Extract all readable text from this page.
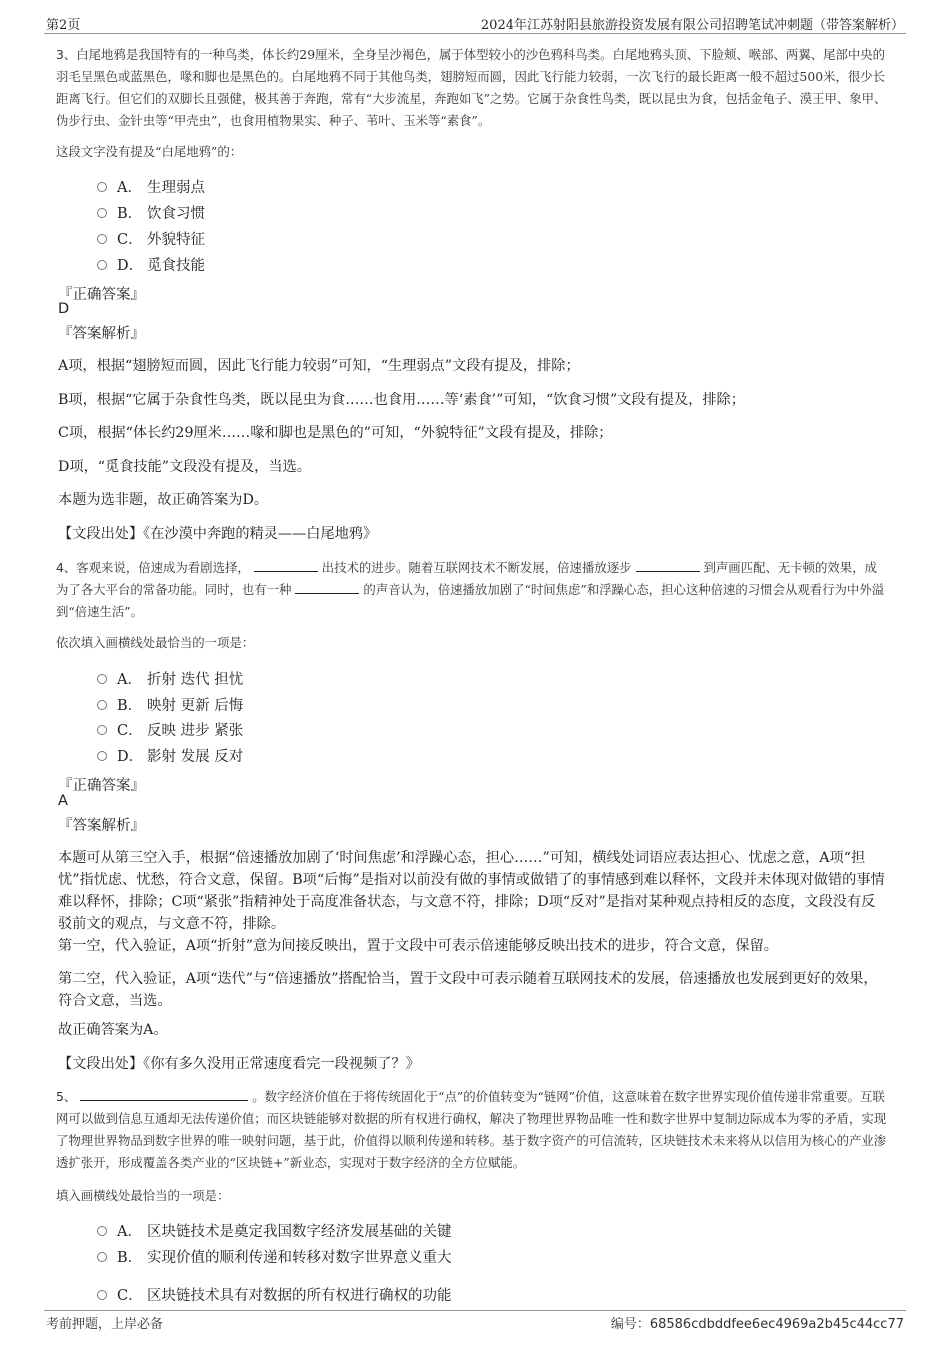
第2页	2024年江苏射阳县旅游投资发展有限公司招聘笔试冲刺题（带答案解析）
3、白尾地鸦是我国特有的一种鸟类，体长约29厘米，全身呈沙褐色，属于体型较小的沙色鸦科鸟类。白尾地鸦头顶、下脸颊、喉部、两翼、尾部中央的羽毛呈黑色或蓝黑色，喙和脚也是黑色的。白尾地鸦不同于其他鸟类，翅膀短而圆，因此飞行能力较弱，一次飞行的最长距离一般不超过500米，很少长距离飞行。但它们的双脚长且强健，极其善于奔跑，常有“大步流星，奔跑如飞”之势。它属于杂食性鸟类，既以昆虫为食，包括金龟子、漠王甲、象甲、伪步行虫、金针虫等“甲壳虫”，也食用植物果实、种子、苇叶、玉米等“素食”。
这段文字没有提及“白尾地鸦”的：
A． 生理弱点
B． 饮食习惯
C． 外貌特征
D． 觅食技能
『正确答案』
D
『答案解析』
A项，根据“翅膀短而圆，因此飞行能力较弱”可知，“生理弱点”文段有提及，排除；
B项，根据“它属于杂食性鸟类，既以昆虫为食……也食用……等‘素食’”可知，“饮食习惯”文段有提及，排除；
C项，根据“体长约29厘米……喙和脚也是黑色的”可知，“外貌特征”文段有提及，排除；
D项，“觅食技能”文段没有提及，当选。
本题为选非题，故正确答案为D。
【文段出处】《在沙漠中奔跑的精灵——白尾地鸦》
4、客观来说，倍速成为看剧选择，	出技术的进步。随着互联网技术不断发展，倍速播放逐步	到声画匹配、无卡顿的效果，成为了各大平台的常备功能。同时，也有一种	的声音认为，倍速播放加剧了“时间焦虑”和浮躁心态，担心这种倍速的习惯会从观看行为中外溢到“倍速生活”。
依次填入画横线处最恰当的一项是：
A． 折射 迭代 担忧
B． 映射 更新 后悔
C． 反映 进步 紧张
D． 影射 发展 反对
『正确答案』
A
『答案解析』
本题可从第三空入手，根据“倍速播放加剧了‘时间焦虑’和浮躁心态，担心……”可知，横线处词语应表达担心、忧虑之意，A项“担忧”指忧虑、忧愁，符合文意，保留。B项“后悔”是指对以前没有做的事情或做错了的事情感到难以释怀，文段并未体现对做错的事情难以释怀，排除；C项“紧张”指精神处于高度准备状态，与文意不符，排除；D项“反对”是指对某种观点持相反的态度，文段没有反驳前文的观点，与文意不符，排除。
第一空，代入验证，A项“折射”意为间接反映出，置于文段中可表示倍速能够反映出技术的进步，符合文意，保留。
第二空，代入验证，A项“迭代”与“倍速播放”搭配恰当，置于文段中可表示随着互联网技术的发展，倍速播放也发展到更好的效果，符合文意，当选。
故正确答案为A。
【文段出处】《你有多久没用正常速度看完一段视频了？》
5、	。数字经济价值在于将传统固化于“点”的价值转变为“链网”价值，这意味着在数字世界实现价值传递非常重要。互联网可以做到信息互通却无法传递价值；而区块链能够对数据的所有权进行确权，解决了物理世界物品唯一性和数字世界中复制边际成本为零的矛盾，实现了物理世界物品到数字世界的唯一映射问题，基于此，价值得以顺利传递和转移。基于数字资产的可信流转，区块链技术未来将从以信用为核心的产业渗透扩张开，形成覆盖各类产业的“区块链+”新业态，实现对于数字经济的全方位赋能。
填入画横线处最恰当的一项是：
A． 区块链技术是奠定我国数字经济发展基础的关键
B． 实现价值的顺利传递和转移对数字世界意义重大
C． 区块链技术具有对数据的所有权进行确权的功能
考前押题，上岸必备	编号：68586cdbddfee6ec4969a2b45c44cc77
